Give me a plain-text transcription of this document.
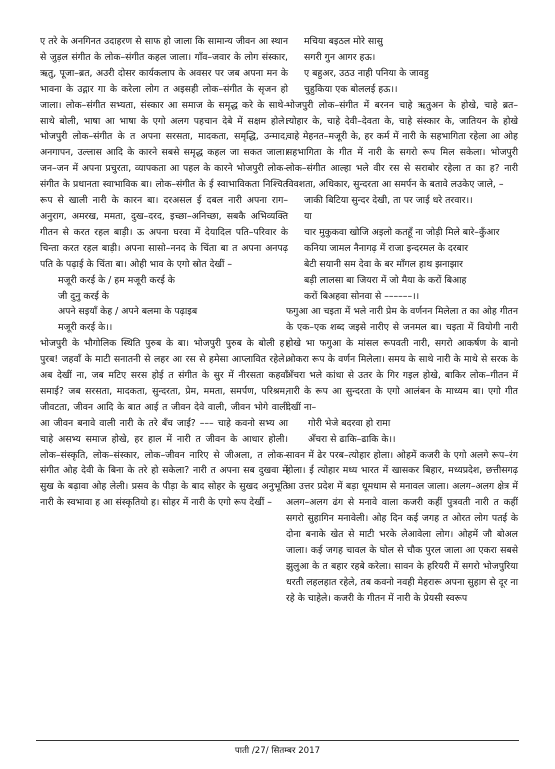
ए तरे के अनगिनत उदाहरण से साफ हो जाला कि सामान्य जीवन आ स्थान से जुड़ल संगीत के लोक–संगीत कहल जाला। गाँव–जवार के लोग संस्कार, ऋतु, पूजा–ब्रत, अउरी दोसर कार्यकलाप के अवसर पर जब अपना मन के भावना के उद्गार गा के करेला लोग त अइसही लोक–संगीत के सृजन हो जाला। लोक–संगीत सभ्यता, संस्कार आ समाज के समृद्ध करे के साथे–साथे बोली, भाषा आ भाषा के एगो अलग पहचान देबे में सक्षम होले। भोजपुरी लोक–संगीत के त अपना सरसता, मादकता, समृद्धि, उन्माद, अनगापन, उल्लास आदि के कारने सबसे समृद्ध कहल जा सकत जाला। जन–जन में अपना प्रचुरता, व्यापकता आ पहल के कारने भोजपुरी लोक–संगीत के प्रधानता स्वाभाविक बा। लोक–संगीत के ई स्वाभाविकता निश्चित रूप से खाली नारी के कारन बा। दरअसल ई दबल नारी अपना राग–अनुराग, अमरख, ममता, दुख–दरद, इच्छा–अनिच्छा, सबकै अभिव्यक्ति गीतन से करत रहल बाड़ी। ऊ अपना घरवा में देयादिल पति–परिवार के चिन्ता करत रहल बाड़ी। अपना सासो–ननद के चिंता बा त अपना अनपढ़ पति के पढ़ाई के चिंता बा। ओही भाव के एगो स्रोत देखीं –

मजूरी करई के / हम मजूरी करई के

जी दुनु करई के

अपने सइयाँ केह / अपने बलमा के पढ़ाइब

मजूरी करई के।।

भोजपुरी के भौगोलिक स्थिति पुरुब के बा। भोजपुरी पुरुब के बोली ह। पुरब! जहवाँ के माटी सनातनी से लहर आ रस से हमेसा आप्लावित रहेले। अब देखीं ना, जब मटिए सरस होई त संगीत के सुर में नीरसता कहवाँ समाई? जब सरसता, मादकता, सुन्दरता, प्रेम, ममता, समर्पण, परिश्रम, जीवटता, जीवन आदि के बात आई त जीवन देवे वाली, जीवन भोगे वाली आ जीवन बनावे वाली नारी के तरे बँच जाई? ––– चाहे कवनो सभ्य आ चाहे असभ्य समाज होखे, हर हाल में नारी त जीवन के आधार होली। लोक–संस्कृति, लोक–संस्कार, लोक–जीवन नारिए से जीअला, त लोक–संगीत ओह देवी के बिना के तरे हो सकेला? नारी त अपना सब दुखवा में सुख के बढ़ावा ओह लेली। प्रसव के पीड़ा के बाद सोहर के सुखद अनुभूति नारी के स्वभावा ह आ संस्कृतियो ह। सोहर में नारी के एगो रूप देखीं –

मचिया बइठल मोरे सासु

सगरी गुन आगर हऊ।

ए बहुअर, उठउ नाही पनिया के जावहु

चुहुकिया एक बोललई हऊ।।

भोजपुरी लोक–संगीत में बरनन चाहे ऋतुअन के होखे, चाहे ब्रत–त्योहार के, चाहे देवी–देवता के, चाहे संस्कार के, जातियन के होखे चाहे मेहनत–मजूरी के, हर कर्म में नारी के सहभागिता रहेला आ ओह सहभागिता के गीत में नारी के सगरो रूप मिल सकेला। भोजपुरी लोक–संगीत आल्हा भले वीर रस से सराबोर रहेला त का ह? नारी विवशता, अधिकार, सुन्दरता आ समर्पन के बतावे लउकेए जाले, –

जाकी बिटिया सुन्दर देखी, ता पर जाई धरे तरवार।।

या

चार मुकुकवा खोजि अइलो कतहूँ ना जोड़ी मिले बारे–कुँआर

कनिया जामल नैनागढ़ में राजा इन्दरमल के दरबार

बेटी सयानी सम देवा के बर माँगल हाथ झनाझार

बड़ी लालसा बा जियरा में जो मैया के करों बिआह

करों बिअहवा सोनवा से ––––––।।

फगुआ आ चइता में भले नारी प्रेम के वर्णनन मिलेला त का ओह गीतन के एक–एक शब्द जइसे नारीए से जनमल बा। चइता में वियोगी नारी होखे भा फगुआ के मांसल रूपवती नारी, सगरो आकर्षण के बानो ओकरा रूप के वर्णन मिलेला। समय के साथे नारी के माथे से सरक के अँचरा भले कांधा से उतर के गिर गइल होखे, बाकिर लोक–गीतन में नारी के रूप आ सुन्दरता के एगो आलंबन के माध्यम बा। एगो गीत देखीं ना–

गोरी भेजे बदरवा हो रामा

अँचरा से ढाकि–ढाकि के।।

सावन में ढेर परब–त्योहार होला। ओहमें कजरी के एगो अलगे रूप–रंग होला। ई त्योहार मध्य भारत में खासकर बिहार, मध्यप्रदेश, छत्तीसगढ़ आ उत्तर प्रदेश में बड़ा धूमधाम से मनावल जाला। अलग–अलग क्षेत्र में अलग–अलग ढंग से मनावे वाला कजरी कहीं पुत्रवती नारी त कहीं सगरो सुहागिन मनावेली। ओह दिन कई जगह त ओरत लोग पतई के दोना बनाके खेत से माटी भरके लेआवेला लोग। ओहमें जौ बोअल जाला। कई जगह चावल के घोल से चौक पुरल जाला आ एकरा सबसे झुलुआ के त बहार रहबे करेला। सावन के हरियरी में सगरो भोजपुरिया धरती लहलहात रहेले, तब कवनो नवही मेहरारू अपना सुहाग से दूर ना रहे के चाहेले। कजरी के गीतन में नारी के प्रेयसी स्वरूप

पाती /27/ सितम्बर 2017
